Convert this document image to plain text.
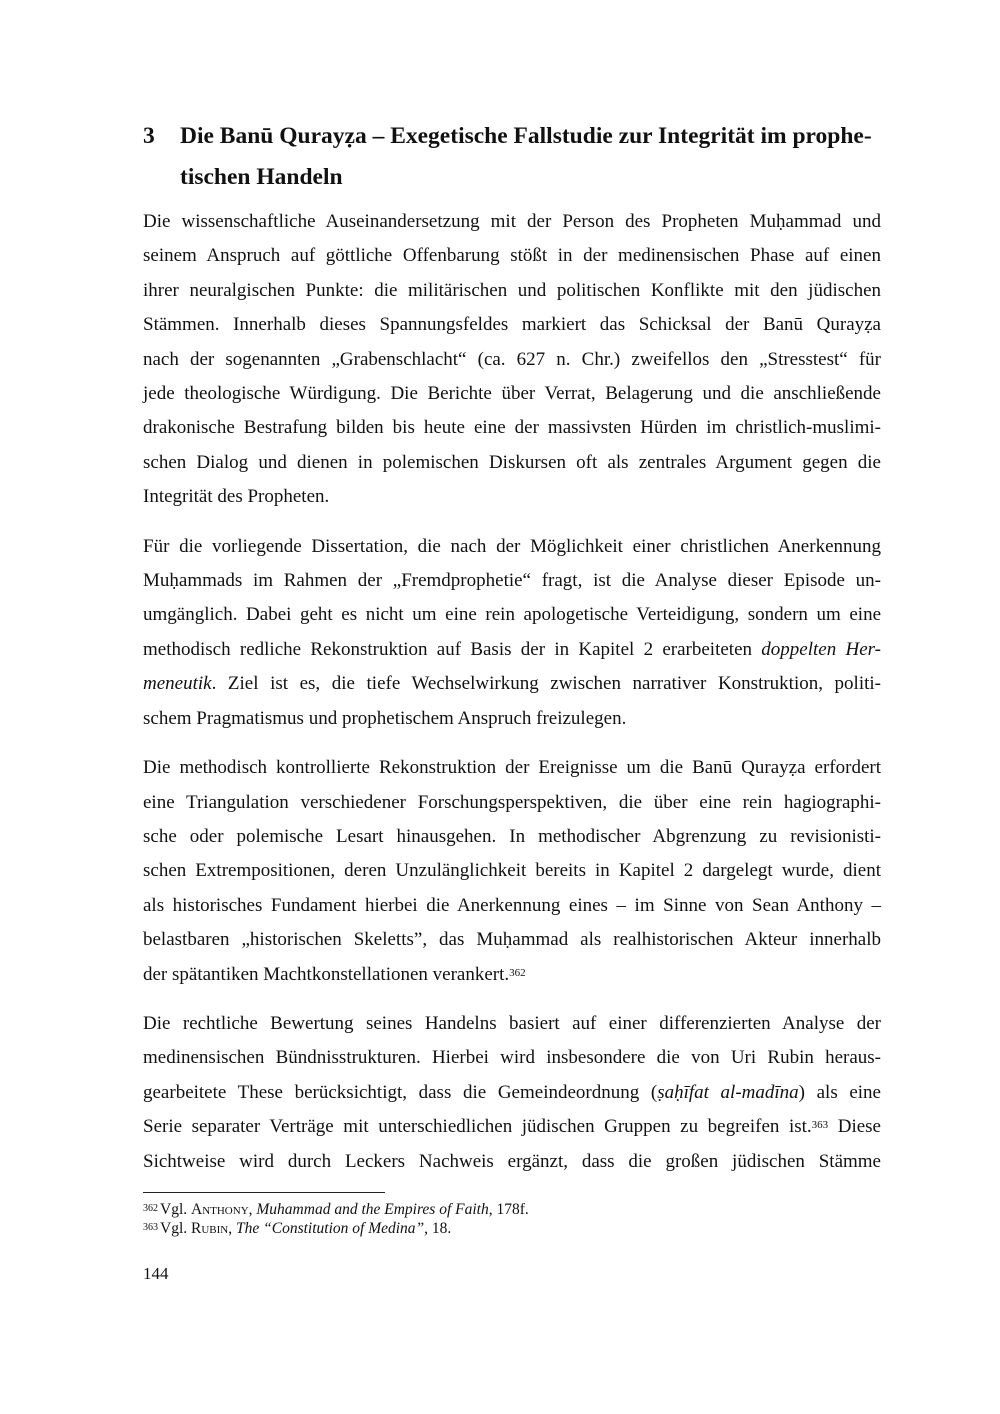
3	Die Banū Qurayẓa – Exegetische Fallstudie zur Integrität im prophe-
tischen Handeln

Die wissenschaftliche Auseinandersetzung mit der Person des Propheten Muḥammad und
seinem Anspruch auf göttliche Offenbarung stößt in der medinensischen Phase auf einen
ihrer neuralgischen Punkte: die militärischen und politischen Konflikte mit den jüdischen
Stämmen. Innerhalb dieses Spannungsfeldes markiert das Schicksal der Banū Qurayẓa
nach der sogenannten „Grabenschlacht“ (ca. 627 n. Chr.) zweifellos den „Stresstest“ für
jede theologische Würdigung. Die Berichte über Verrat, Belagerung und die anschließende
drakonische Bestrafung bilden bis heute eine der massivsten Hürden im christlich-muslimi-
schen Dialog und dienen in polemischen Diskursen oft als zentrales Argument gegen die
Integrität des Propheten.

Für die vorliegende Dissertation, die nach der Möglichkeit einer christlichen Anerkennung
Muḥammads im Rahmen der „Fremdprophetie“ fragt, ist die Analyse dieser Episode un-
umgänglich. Dabei geht es nicht um eine rein apologetische Verteidigung, sondern um eine
methodisch redliche Rekonstruktion auf Basis der in Kapitel 2 erarbeiteten doppelten Her-
meneutik. Ziel ist es, die tiefe Wechselwirkung zwischen narrativer Konstruktion, politi-
schem Pragmatismus und prophetischem Anspruch freizulegen.

Die methodisch kontrollierte Rekonstruktion der Ereignisse um die Banū Qurayẓa erfordert
eine Triangulation verschiedener Forschungsperspektiven, die über eine rein hagiographi-
sche oder polemische Lesart hinausgehen. In methodischer Abgrenzung zu revisionisti-
schen Extrempositionen, deren Unzulänglichkeit bereits in Kapitel 2 dargelegt wurde, dient
als historisches Fundament hierbei die Anerkennung eines – im Sinne von Sean Anthony –
belastbaren „historischen Skeletts”, das Muḥammad als realhistorischen Akteur innerhalb
der spätantiken Machtkonstellationen verankert.$^{362}$

Die rechtliche Bewertung seines Handelns basiert auf einer differenzierten Analyse der
medinensischen Bündnisstrukturen. Hierbei wird insbesondere die von Uri Rubin heraus-
gearbeitete These berücksichtigt, dass die Gemeindeordnung (ṣaḥīfat al-madīna) als eine
Serie separater Verträge mit unterschiedlichen jüdischen Gruppen zu begreifen ist.$^{363}$ Diese
Sichtweise wird durch Leckers Nachweis ergänzt, dass die großen jüdischen Stämme

$^{362}$ Vgl. Anthony, Muhammad and the Empires of Faith, 178f.
$^{363}$ Vgl. Rubin, The “Constitution of Medina”, 18.
144
